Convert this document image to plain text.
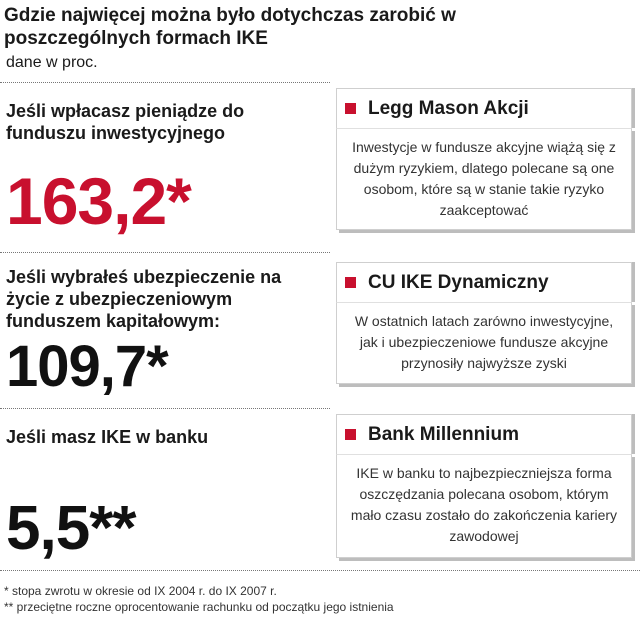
Gdzie najwięcej można było dotychczas zarobić w poszczególnych formach IKE
dane w proc.
Jeśli wpłacasz pieniądze do funduszu inwestycyjnego
163,2*
Legg Mason Akcji
Inwestycje w fundusze akcyjne wiążą się z dużym ryzykiem, dlatego polecane są one osobom, które są w stanie takie ryzyko zaakceptować
Jeśli wybrałeś ubezpieczenie na życie z ubezpieczeniowym funduszem kapitałowym:
109,7*
CU IKE Dynamiczny
W ostatnich latach zarówno inwestycyjne, jak i ubezpieczeniowe fundusze akcyjne przynosiły najwyższe zyski
Jeśli masz IKE w banku
5,5**
Bank Millennium
IKE w banku to najbezpieczniejsza forma oszczędzania polecana osobom, którym mało czasu zostało do zakończenia kariery zawodowej
* stopa zwrotu w okresie od IX 2004 r. do IX 2007 r.
** przeciętne roczne oprocentowanie rachunku od początku jego istnienia
